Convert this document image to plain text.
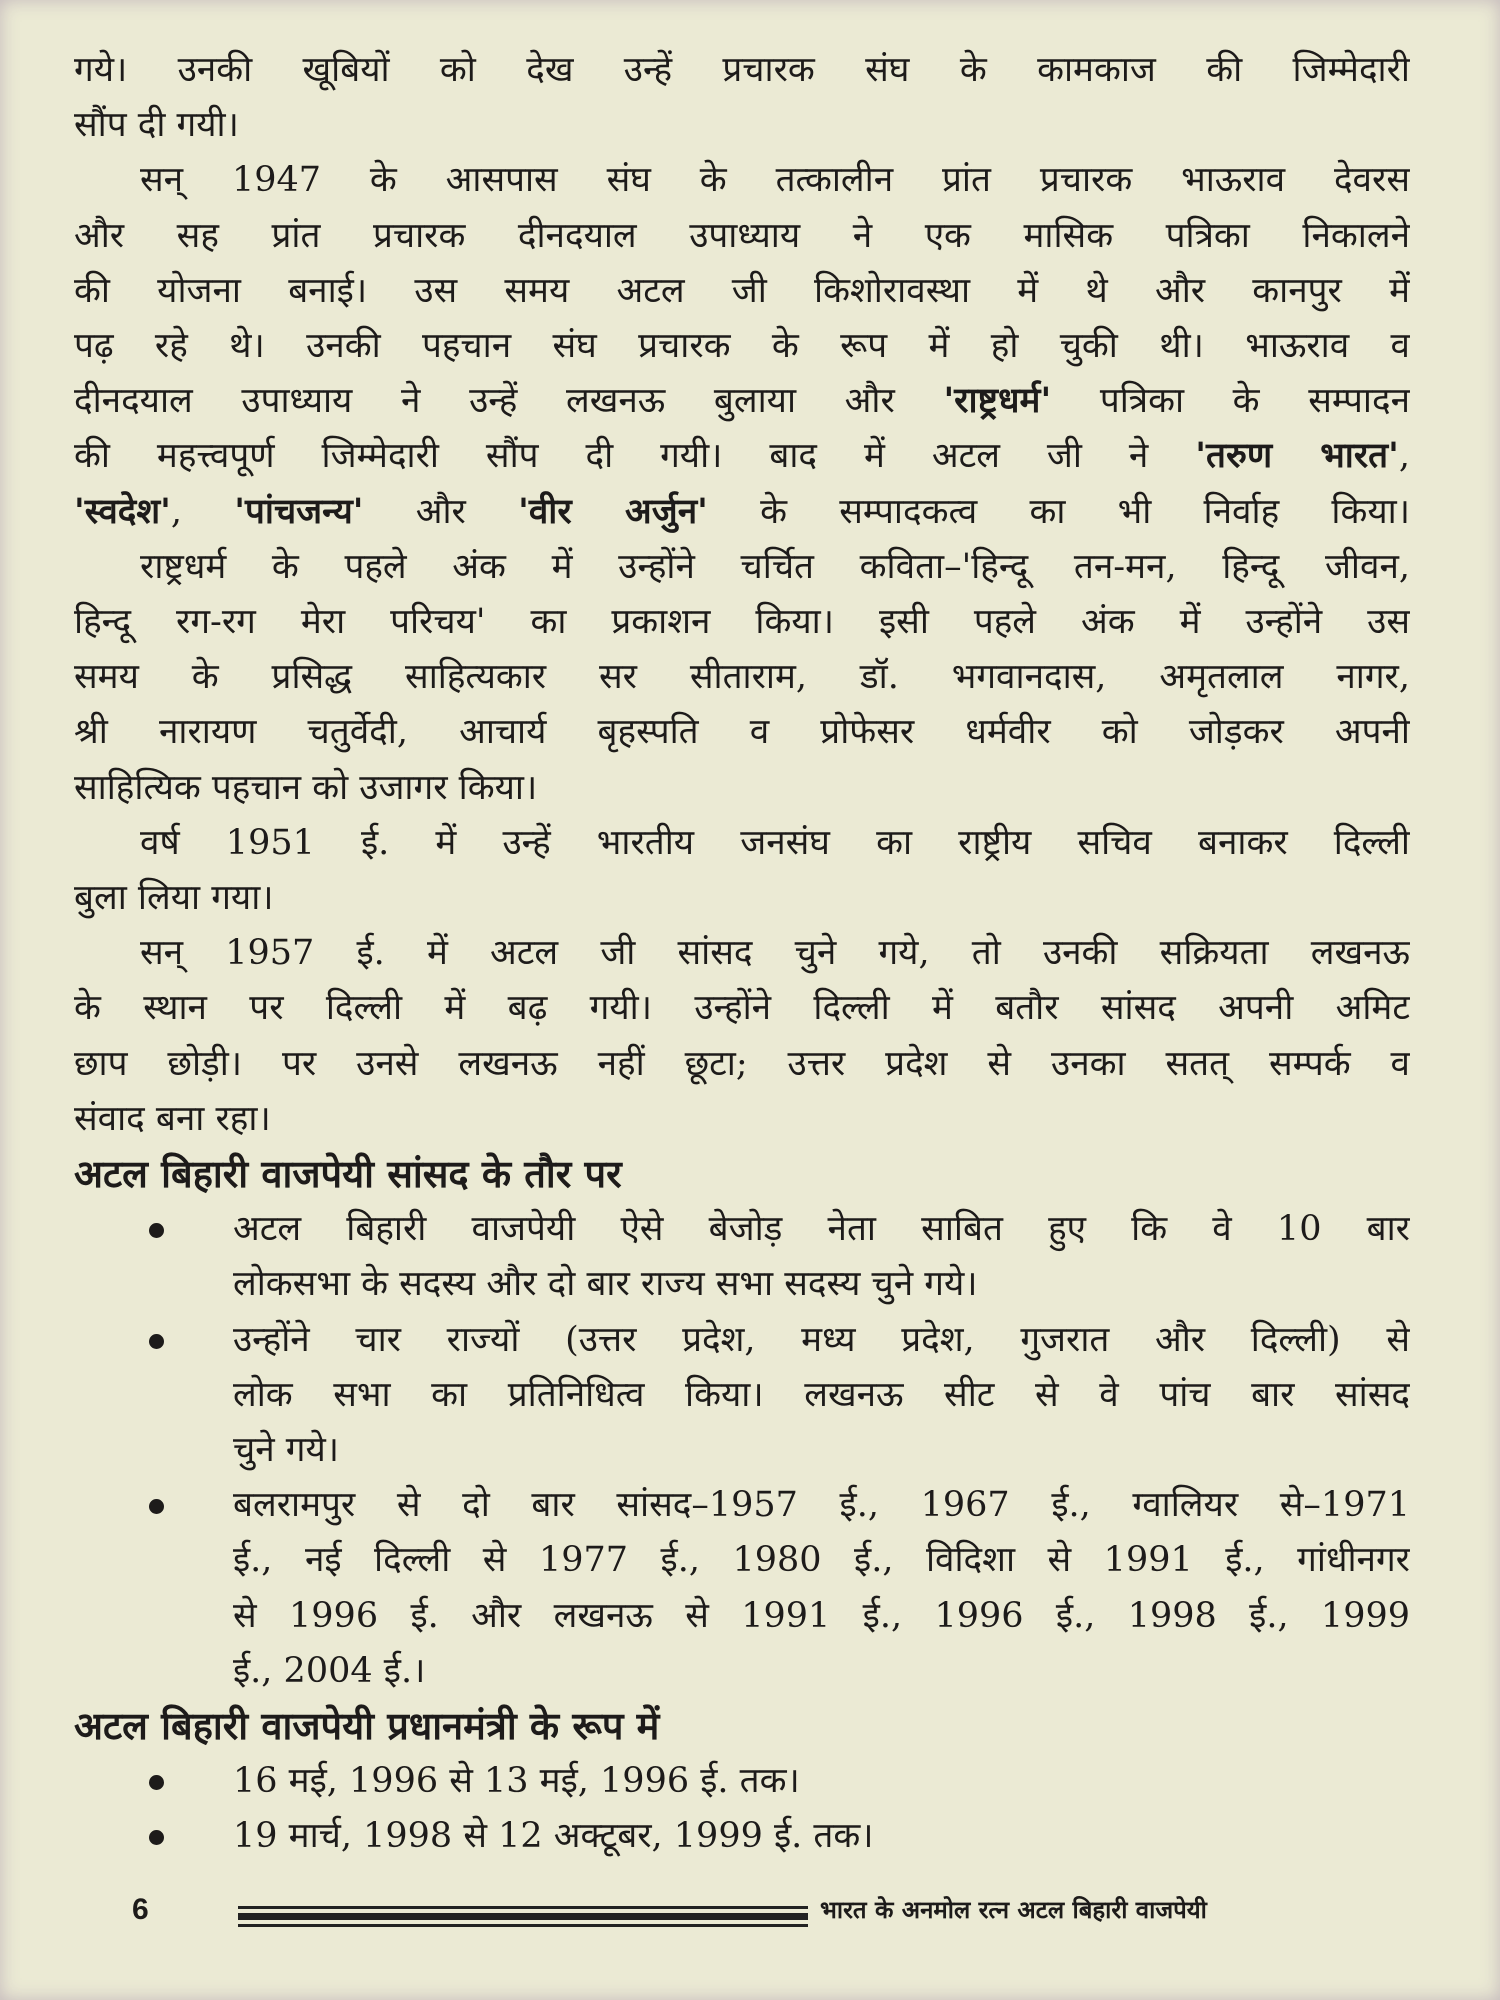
गये। उनकी खूबियों को देख उन्हें प्रचारक संघ के कामकाज की जिम्मेदारी
सौंप दी गयी।
सन् 1947 के आसपास संघ के तत्कालीन प्रांत प्रचारक भाऊराव देवरस
और सह प्रांत प्रचारक दीनदयाल उपाध्याय ने एक मासिक पत्रिका निकालने
की योजना बनाई। उस समय अटल जी किशोरावस्था में थे और कानपुर में
पढ़ रहे थे। उनकी पहचान संघ प्रचारक के रूप में हो चुकी थी। भाऊराव व
दीनदयाल उपाध्याय ने उन्हें लखनऊ बुलाया और 'राष्ट्रधर्म' पत्रिका के सम्पादन
की महत्त्वपूर्ण जिम्मेदारी सौंप दी गयी। बाद में अटल जी ने 'तरुण भारत',
'स्वदेश', 'पांचजन्य' और 'वीर अर्जुन' के सम्पादकत्व का भी निर्वाह किया।
राष्ट्रधर्म के पहले अंक में उन्होंने चर्चित कविता–'हिन्दू तन-मन, हिन्दू जीवन,
हिन्दू रग-रग मेरा परिचय' का प्रकाशन किया। इसी पहले अंक में उन्होंने उस
समय के प्रसिद्ध साहित्यकार सर सीताराम, डॉ. भगवानदास, अमृतलाल नागर,
श्री नारायण चतुर्वेदी, आचार्य बृहस्पति व प्रोफेसर धर्मवीर को जोड़कर अपनी
साहित्यिक पहचान को उजागर किया।
वर्ष 1951 ई. में उन्हें भारतीय जनसंघ का राष्ट्रीय सचिव बनाकर दिल्ली
बुला लिया गया।
सन् 1957 ई. में अटल जी सांसद चुने गये, तो उनकी सक्रियता लखनऊ
के स्थान पर दिल्ली में बढ़ गयी। उन्होंने दिल्ली में बतौर सांसद अपनी अमिट
छाप छोड़ी। पर उनसे लखनऊ नहीं छूटा; उत्तर प्रदेश से उनका सतत् सम्पर्क व
संवाद बना रहा।
अटल बिहारी वाजपेयी सांसद के तौर पर
अटल बिहारी वाजपेयी ऐसे बेजोड़ नेता साबित हुए कि वे 10 बार
लोकसभा के सदस्य और दो बार राज्य सभा सदस्य चुने गये।
उन्होंने चार राज्यों (उत्तर प्रदेश, मध्य प्रदेश, गुजरात और दिल्ली) से
लोक सभा का प्रतिनिधित्व किया। लखनऊ सीट से वे पांच बार सांसद
चुने गये।
बलरामपुर से दो बार सांसद–1957 ई., 1967 ई., ग्वालियर से–1971
ई., नई दिल्ली से 1977 ई., 1980 ई., विदिशा से 1991 ई., गांधीनगर
से 1996 ई. और लखनऊ से 1991 ई., 1996 ई., 1998 ई., 1999
ई., 2004 ई.।
अटल बिहारी वाजपेयी प्रधानमंत्री के रूप में
16 मई, 1996 से 13 मई, 1996 ई. तक।
19 मार्च, 1998 से 12 अक्टूबर, 1999 ई. तक।
6	भारत के अनमोल रत्न अटल बिहारी वाजपेयी
